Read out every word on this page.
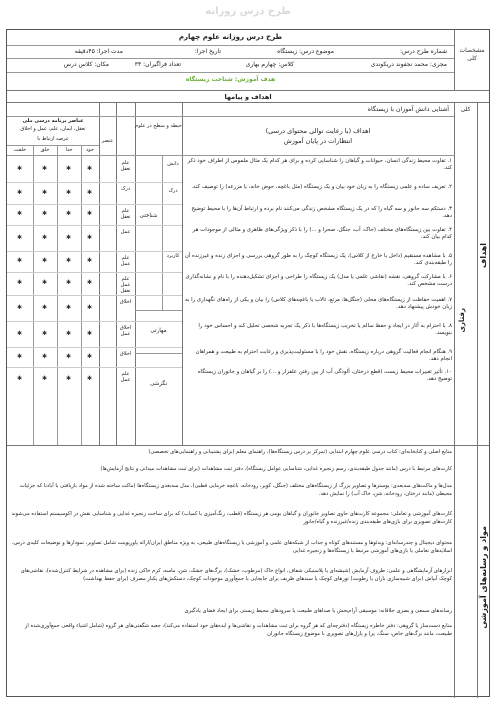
طرح درس روزانه
مشخصات کلی
طرح درس روزانه علوم چهارم
شماره طرح درس:
موضوع درس: زیستگاه
تاریخ اجرا:
مدت اجرا: ۴۵دقیقه
مجری: محمد نجفوند دریکوندی
کلاس: چهارم بهاری
تعداد فراگیران: ۳۴
مکان: کلاس درس
هدف آموزش: شناخت زیستگاه
اهداف و پیامها
اهداف
رفتاری
کلی
آشنایی دانش آموزان با زیستگاه
اهداف (با رعایت توالی محتوای درسی)
انتظارات در پایان آموزش
حیطه و سطح در علوم
عناصر برنامه درسی ملی
تعقل، ایمان، علم، عمل و اخلاق
عرصه ارتباط با	عنصر
خود
خدا
خلق
خلقت
دانش
درک
کاربرد
شناختی
مهارتی
نگرشی
۱. تفاوت محیط زندگی انسان، حیوانات و گیاهان را شناسایی کرده و برای هر کدام یک مثال ملموس از اطراف خود ذکر کند.
۲. تعریف ساده و علمی زیستگاه را به زبان خود بیان و یک زیستگاه (مثل باغچه، حوض خانه، یا مزرعه) را توصیف کند.
۳. دستکم سه جانور و سه گیاه را که در یک زیستگاه مشخص زندگی می‌کنند نام برده و ارتباط آن‌ها را با محیط توضیح دهد.
۴. تفاوت بین زیستگاه‌های مختلف (خاک، آب، جنگل، صحرا و ...) را با ذکر ویژگی‌های ظاهری و مثالی از موجودات هر کدام بیان کند.
۵. با مشاهده مستقیم (داخل یا خارج از کلاس)، یک زیستگاه کوچک را به طور گروهی بررسی و اجزای زنده و غیرزنده آن را طبقه‌بندی کند.
۶. با مشارکت گروهی، نقشه (نقاشی علمی یا مدل) یک زیستگاه را طراحی و اجزای تشکیل‌دهنده را با نام و نشانه‌گذاری درست مشخص کند.
۷. اهمیت حفاظت از زیستگاه‌های محلی (جنگل‌ها، مرتع، تالاب یا باغچه‌های کلاس) را بیان و یکی از راه‌های نگهداری را به زبان خودش پیشنهاد دهد.
۸. با احترام به آثار در ایجاد و حفظ سالم یا تخریب زیستگاه‌ها با ذکر یک تجربه شخصی تحلیل کند و احساس خود را بنویسد.
۹. هنگام انجام فعالیت گروهی درباره زیستگاه، نقش خود را با مسئولیت‌پذیری و رعایت احترام به طبیعت و همراهان انجام دهد.
۱۰. تأثیر تغییرات محیط زیست (قطع درختان، آلودگی آب از بین رفتن علفزار و ...) را بر گیاهان و جانوران زیستگاه توضیح دهد.
علم تعقل
درک
علم تعقل
عمل
علم عمل
علم عمل تعقل
اخلاق
اخلاق عمل
اخلاق
علم عمل
✱
✱
✱
✱
✱
✱
✱
✱
✱
✱
✱
✱
✱
✱
✱
✱
✱
✱
✱
✱
✱
✱
✱
✱
✱
✱
✱
✱
✱
✱
✱
✱
✱
✱
✱
✱
✱
✱
✱
✱
مواد و رسانه‌های آموزشی
منابع اصلی و کتابخانه‌ای: کتاب درسی علوم چهارم ابتدایی (تمرکز بر درس زیستگاه‌ها)، راهنمای معلم (برای پشتیبانی و راهنمایی‌های تخصصی)
کارت‌های مرتبط با درس (مانند جدول طبقه‌بندی، رسم زنجیره غذایی، شناسایی عوامل زیستگاه)، دفتر ثبت مشاهدات (برای ثبت مشاهدات میدانی و نتایج آزمایش‌ها)
مدل‌ها و ماکت‌های سه‌بعدی: پوسترها و تصاویر بزرگ از زیستگاه‌های مختلف (جنگل، کویر، رودخانه، باغچه خرمایی قطبی)، مدل سه‌بعدی زیستگاه‌ها (ماکت ساخته شده از مواد بازیافتی با آبادنا که جزئیات محیطی (مانند درختان، رودخانه، شن، خاک آب) را نمایش دهد.
کارت‌های آموزشی و تعاملی: مجموعه کارت‌های حاوی تصاویر جانوران و گیاهان بومی هر زیستگاه (قطب، رنگ‌آمیزی یا کمیاب) که برای ساخت زنجیره غذایی و شناسایی نقش در اکوسیستم استفاده می‌شوند کارت‌های تصویری برای بازی‌های طبقه‌بندی زنده/غیرزنده و گیاه/جانور
محتوای دیجیتال و چندرسانه‌ای: ویدئوها و مستندهای کوتاه و جذاب از شبکه‌های علمی و آموزشی یا زیستگاه‌های طبیعی، به ویژه مناطق ایران/ارائه پاورپوینت شامل تصاویر، نمودارها و توضیحات کلیدی درس، اسلایدهای تعاملی یا بازی‌های آموزشی مرتبط با زیستگاه‌ها و زنجیره غذایی
ابزارهای آزمایشگاهی و علمی: ظروف آزمایش (شیشه‌ای یا پلاستیکی شفاف، انواع خاک (مرطوب، خشک)، برگ‌های خشک، شن، ماسه، کرم خاکی زنده (برای مشاهده در شرایط کنترل‌شده)، نقاشی‌های کوچک آبپاش (برای شبیه‌سازی باران یا رطوبت) تورهای کوچک یا سبدهای ظریف برای جابجایی یا جمع‌آوری موجودات کوچک، دستکش‌های یکبار مصرف (برای حفظ بهداشت)
رسانه‌های سمعی و بصری خلاقانه: موسیقی آرام‌بخش یا صداهای طبیعت یا سرودهای محیط زیستی برای ایجاد فضای یادگیری
منابع دست‌ساز یا گروهی: دفتر خاطره زیستگاه (دفترچه‌ای که هر گروه برای ثبت مشاهدات و نقاشی‌ها و ایده‌های خود استفاده می‌کند)، جعبه شگفتی‌های هر گروه (شامل اشیاء واقعی جمع‌آوری‌شده از طبیعت، مانند برگ‌های خاص، سنگ، پر) و پازل‌های تصویری با موضوع زیستگاه جانوران
